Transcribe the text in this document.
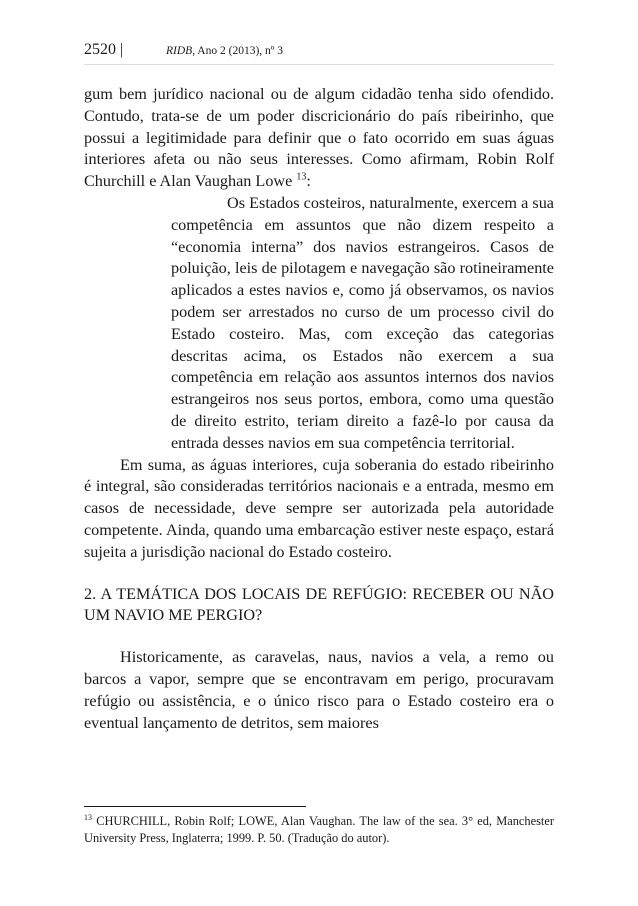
2520 |	RIDB, Ano 2 (2013), nº 3

gum bem jurídico nacional ou de algum cidadão tenha sido ofendido. Contudo, trata-se de um poder discricionário do país ribeirinho, que possui a legitimidade para definir que o fato ocorrido em suas águas interiores afeta ou não seus interesses. Como afirmam, Robin Rolf Churchill e Alan Vaughan Lowe $^{13}$:

Os Estados costeiros, naturalmente, exercem a sua competência em assuntos que não dizem respeito a “economia interna” dos navios estrangeiros. Casos de poluição, leis de pilotagem e navegação são rotineiramente aplicados a estes navios e, como já observamos, os navios podem ser arrestados no curso de um processo civil do Estado costeiro. Mas, com exceção das categorias descritas acima, os Estados não exercem a sua competência em relação aos assuntos internos dos navios estrangeiros nos seus portos, embora, como uma questão de direito estrito, teriam direito a fazê-lo por causa da entrada desses navios em sua competência territorial.

Em suma, as águas interiores, cuja soberania do estado ribeirinho é integral, são consideradas territórios nacionais e a entrada, mesmo em casos de necessidade, deve sempre ser autorizada pela autoridade competente. Ainda, quando uma embarcação estiver neste espaço, estará sujeita a jurisdição nacional do Estado costeiro.

2. A TEMÁTICA DOS LOCAIS DE REFÚGIO: RECEBER OU NÃO UM NAVIO ME PERGIO?

Historicamente, as caravelas, naus, navios a vela, a remo ou barcos a vapor, sempre que se encontravam em perigo, procuravam refúgio ou assistência, e o único risco para o Estado costeiro era o eventual lançamento de detritos, sem maiores

$^{13}$ CHURCHILL, Robin Rolf; LOWE, Alan Vaughan. The law of the sea. 3° ed, Manchester University Press, Inglaterra; 1999. P. 50. (Tradução do autor).
